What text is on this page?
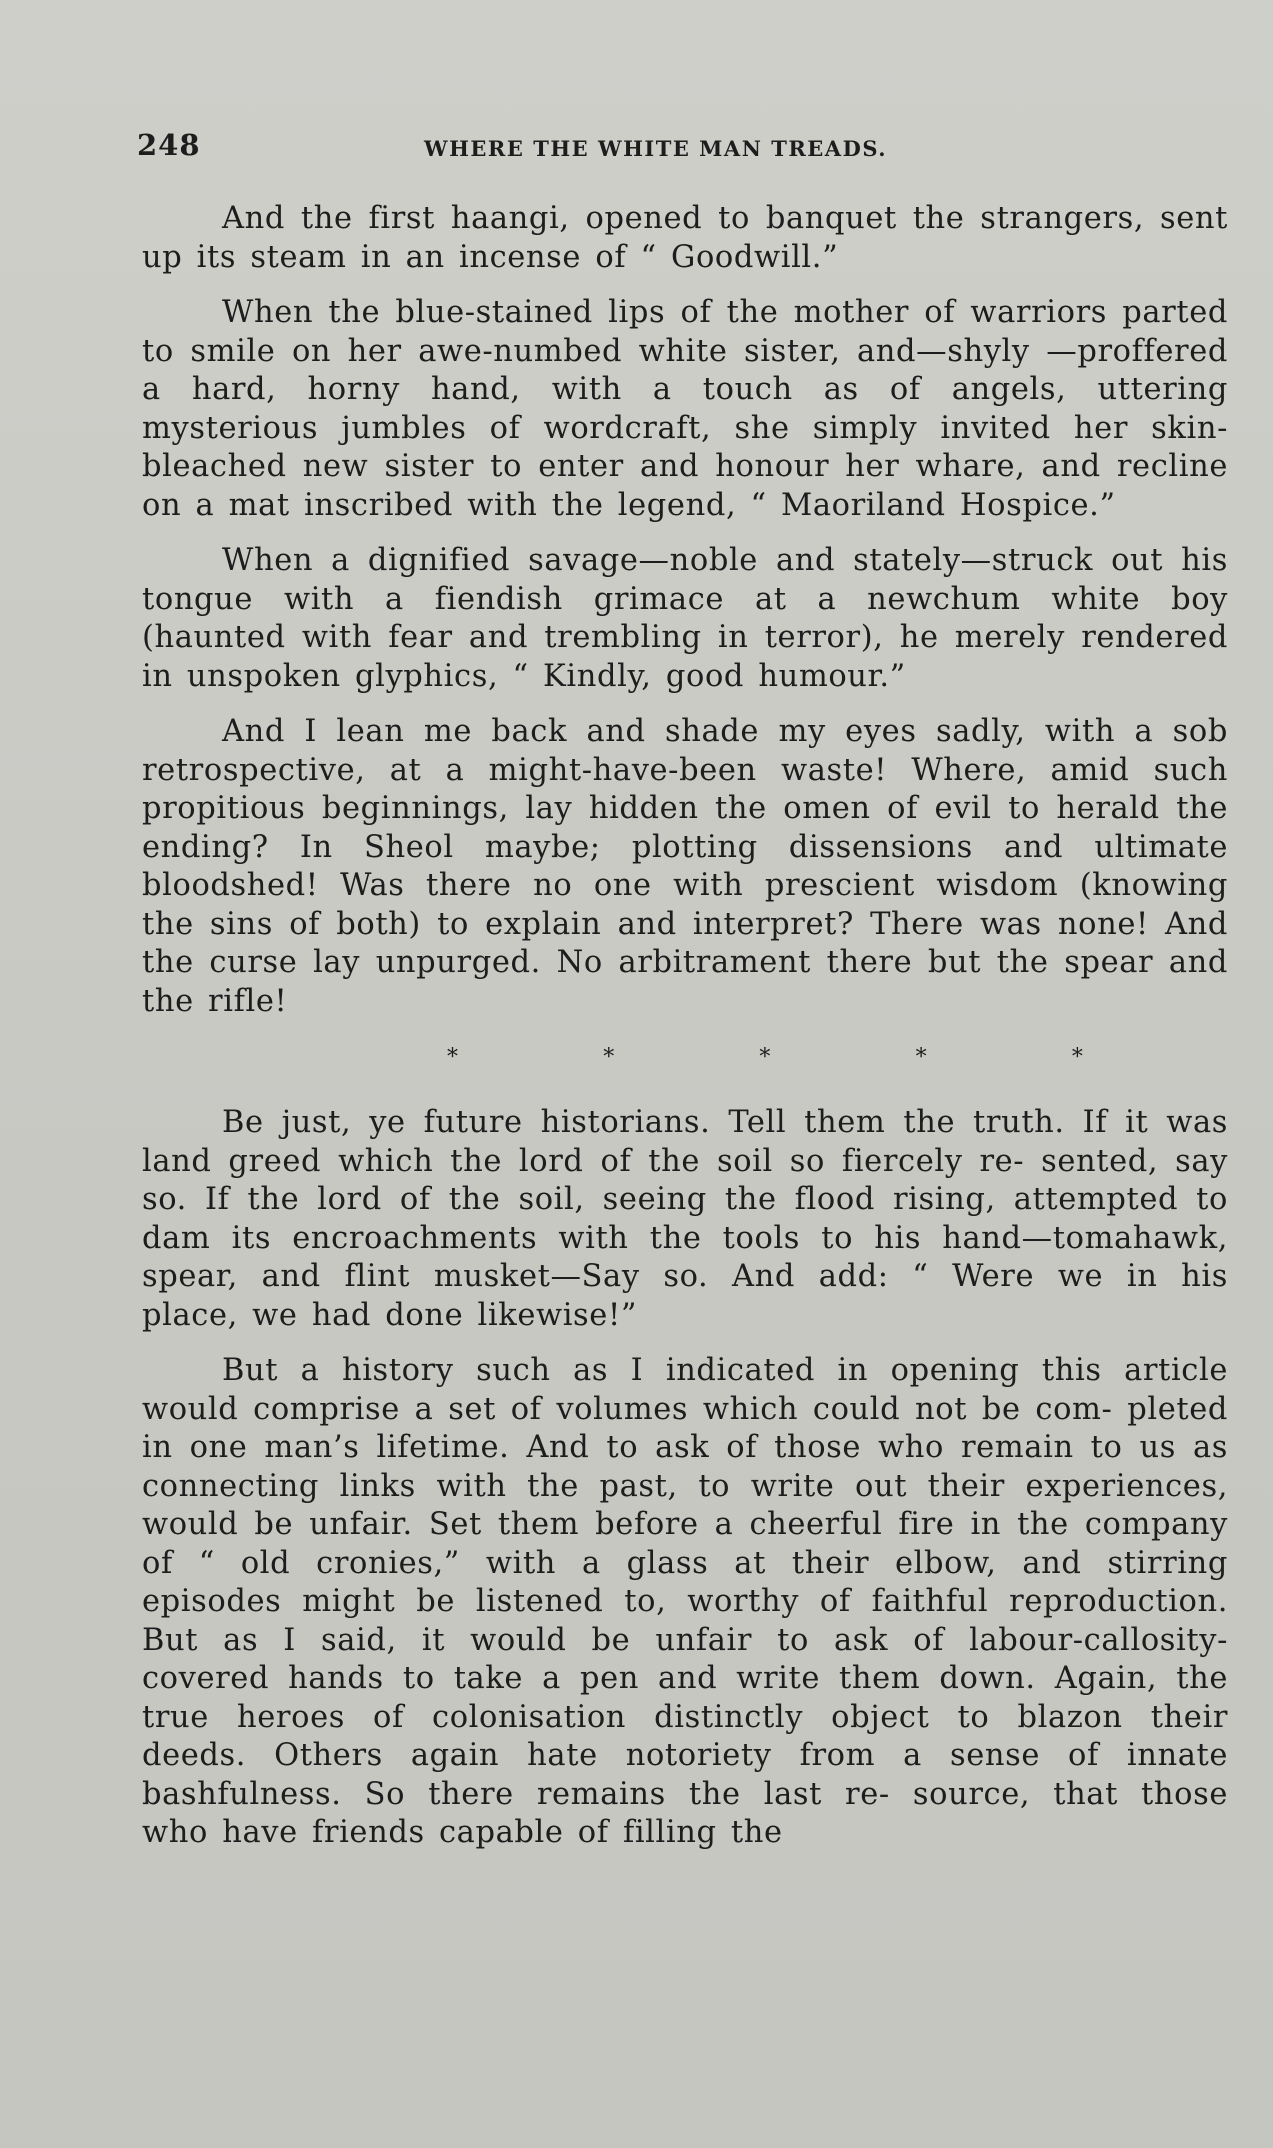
248	WHERE THE WHITE MAN TREADS.

And the first haangi, opened to banquet the strangers, sent up its steam in an incense of “ Goodwill.”

When the blue-stained lips of the mother of warriors parted to smile on her awe-numbed white sister, and—shyly —proffered a hard, horny hand, with a touch as of angels, uttering mysterious jumbles of wordcraft, she simply invited her skin-bleached new sister to enter and honour her whare, and recline on a mat inscribed with the legend, “ Maoriland Hospice.”

When a dignified savage—noble and stately—struck out his tongue with a fiendish grimace at a newchum white boy (haunted with fear and trembling in terror), he merely rendered in unspoken glyphics, “ Kindly, good humour.”

And I lean me back and shade my eyes sadly, with a sob retrospective, at a might-have-been waste! Where, amid such propitious beginnings, lay hidden the omen of evil to herald the ending? In Sheol maybe; plotting dissensions and ultimate bloodshed! Was there no one with prescient wisdom (knowing the sins of both) to explain and interpret? There was none! And the curse lay unpurged. No arbitrament there but the spear and the rifle!

*	*	*	*	*

Be just, ye future historians. Tell them the truth. If it was land greed which the lord of the soil so fiercely re- sented, say so. If the lord of the soil, seeing the flood rising, attempted to dam its encroachments with the tools to his hand—tomahawk, spear, and flint musket—Say so. And add: “ Were we in his place, we had done likewise!”

But a history such as I indicated in opening this article would comprise a set of volumes which could not be com- pleted in one man’s lifetime. And to ask of those who remain to us as connecting links with the past, to write out their experiences, would be unfair. Set them before a cheerful fire in the company of “ old cronies,” with a glass at their elbow, and stirring episodes might be listened to, worthy of faithful reproduction. But as I said, it would be unfair to ask of labour-callosity-covered hands to take a pen and write them down. Again, the true heroes of colonisation distinctly object to blazon their deeds. Others again hate notoriety from a sense of innate bashfulness. So there remains the last re- source, that those who have friends capable of filling the
